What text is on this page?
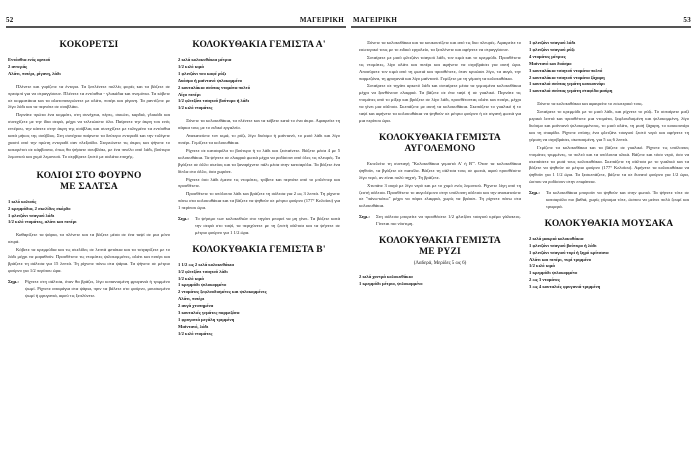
52	ΜΑΓΕΙΡΙΚΗ
ΚΟΚΟΡΕΤΣΙ
Εντόσθια ενός αρνιού
2 αντεράς
Αλάτι, πιπέρι, ρίγανη, λάδι

Πλένετε και γυρίζετε τα έντερα. Τα ξεπλένετε πολλές φορές και τα βάζετε σε πρεσμπί για να στραγγίσουν. Πλένετε τα εντόσθια - γλυκάδια και πνεμόνια. Τα κόβετε σε κομματάκια και τα αλατοπιπερώνετε με αλάτι, πιπέρι και ρίγανη. Τα ραντίζετε με λίγο λάδι και τα περνάτε σε σουβλάκι.

Περνάτε πρώτα ένα κομμάτι, στη συνέχεια, πέρτς, συκώτι, καρδιά, γλυκάδι και συνεχίζετε με την ίδια σειρά, μέχρι να τελειώσετε όλα. Παίρνετε την άκρη του ενός εντέρου, την κάνετε στην άκρη της σούβλας και συνεχίζετε με τυλιγμένο τα εντόσθια κατά μήκος της σούβλας. Στη συνέχεια παίρνετε τα δεύτερο εντεραδί και την τυλίγετε χιαστί από την πρώτη εντεραδί σαν πλεξούδα. Στερεώνετε τις άκρες και ψήνετε το κοκορέτσι σε κάρβουνα, όπως θα ψήσατε σουβλάκι, με ένα πινέλο από λάδι, βούτυρο λεμονιού και χυμό λεμονιού. Το σερβίρετε ζεστό με σαλάτα εποχής.

ΚΟΛΙΟΙ ΣΤΟ ΦΟΥΡΝΟ
ΜΕ ΣΑΛΤΣΑ
1 κιλό κολιούς
2 κρεμμύδια, 2 σκελίδες σκόρδο
1 φλιτζάνι τσαγιού λάδι
1/2 κιλό ντομάτες, αλάτι και πιπέρι

Καθαρίζετε τα ψάρια, τα πλένετε και τα βάζετε μέσα σε ένα ταψί σε μια μόνο σειρά.

Κόβετε τα κρεμμύδια και τις σκελίδες σε λεπτά φετάκια και τα τσιγαρίζετε με το λάδι μέχρι να μαραθούν. Προσθέτετε τις ντομάτες ψιλοκομμένες, αλάτι και πιπέρι και βράζετε τη σάλτσα για 15 λεπτά. Τη ρίχνετε πάνω στα ψάρια. Τα ψήνετε σε μέτριο φούρνο για 1/2 περίπου ώρα.

Σημ.:	Ρίχνετε στη σάλτσα, όταν θα βράζει, λίγο κοπανισμένη φρυγανιά ή τριμμένο ψωμί. Ρίχνετε αποφάγια στα ψάρια, πριν τα βάλετε στο φούρνο, μουσκεμένο ψωμί ή φρυγανιά, αφού τις ξεπλύνετε.
ΚΟΛΟΚΥΘΑΚΙΑ ΓΕΜΙΣΤΑ Α'
2 κιλά κολοκυθάκια μέτρια
1/2 κιλό κιμά
1 φλιτζάνι του καφέ ρύζι
Δυόσμο ή μαϊντανό ψιλοκομμένο
2 κουταλάκια σούπας ντομάτα πολτό
Λίγο πιπέρι
1/2 φλιτζάνι τσαγιού βούτυρο ή λάδι
1/2 κιλό ντομάτες

Ξύνετε τα κολοκυθάκια, τα πλένετε και τα κόβετε κατά το ένα άκρο. Αφαιρείτε τη σάρκα τους με το ειδικό εργαλείο.

Ανακατεύετε τον κιμά, το ρύζι, λίγο δυόσμο ή μαϊντανό, το μισό λάδι και λίγο πιπέρι. Γεμίζετε τα κολοκυθάκια.

Ρίχνετε σε κατσαρόλα το βούτυρο ή το λάδι και ζεσταίνετε. Βάζετε μέσα 4 με 5 κολοκυθάκια. Τα ψήνετε σε ελαφριά φωτιά μέχρι να ροδίσουν από όλες τις πλευρές. Τα βγάζετε σε άλλο σκεύος και τα ξαναρίχνετε πάλι μέσα στην κατσαρόλα. Τα βάζετε ένα δίπλα στο άλλο, όσα χωράνε.

Ρίχνετε όσο λάδι έμεινε τις ντομάτες, τρίβετε και περνάτε από το μπλέντερ και προσθέτετε.

Προσθέτετε το υπόλοιπο λάδι και βράζετε τη σάλτσα για 2 ως 3 λεπτά. Τη ρίχνετε πάνω στα κολοκυθάκια και τα βάζετε να ψηθούν σε μέτριο φούρνο (177° Κελσίου) για 1 περίπου ώρα.

Σημ.:	Το ψήσιμο των κολοκυθιών στο τηγάνι μπορεί να μη γίνει. Τα βάζετε κατά την σειρά στο ταψί, τα περιχύνετε με τη ζεστή σάλτσα και τα ψήνετε σε μέτριο φούρνο για 1 1/2 ώρα.
ΚΟΛΟΚΥΘΑΚΙΑ ΓΕΜΙΣΤΑ Β'
1 1/2 ως 2 κιλά κολοκυθάκια
1/2 φλιτζάνι τσαγιού λάδι
1/2 κιλό κιμά
1 κρεμμύδι ψιλοκομμένο
2 ντομάτες ξεφλουδισμένες και ψιλοκομμένες
Αλάτι, πιπέρι
2 αυγά χτυπημένα
3 κουταλιές γεμάτες παρμεζάνα
1 φρυγανιά μεγάλη τριμμένη
Μαϊντανό, λάδι
1/2 κιλό ντομάτες
ΜΑΓΕΙΡΙΚΗ	53

Ξύνετε τα κολοκυθάκια και τα κουκουτίζετε και από τις δυο πλευρές. Αφαιρείτε το εσωτερικό τους με το ειδικό εργαλείο, τα ξεπλένετε και αφήνετε να στραγγίσουν.

Σοταίρετε με μισό φλιτζάνι τσαγιού λάδι, τον κιμά και το κρεμμύδι. Προσθέτετε τις ντομάτες, λίγο αλάτι και πιπέρι και αφήνετε να σιγοβράσει για αυτή ώρα. Αποσύρετε τον κιμά από τη φωτιά και προσθέτετε, όταν κρυώσει λίγο, τα αυγά, την παρμεζάνα, τη φρυγανιά και λίγο μαϊντανό. Γεμίζετε με τη γέμιση τα κολοκυθάκια.

Σοταίρετε σε τηγάνι αρκετό λάδι και σοταίρετε μέσα τα γεμισμένα κολοκυθάκια μέχρι να ξανθύνουν ελαφριά. Τα βάζετε σε ένα ταψί ή σε γυαλικό. Περνάτε τις ντομάτες από το μίξερ και βράζετε σε λίγο λάδι, προσθέτοντας αλάτι και πιπέρι, μέχρι να γίνει μια σάλτσα. Σκεπάζετε με αυτή τα κολοκυθάκια. Σκεπάζετε το γυαλικό ή το ταψί και αφήνετε τα κολοκυθάκια να ψηθούν σε μέτριο φούρνο ή σε σιγανή φωτιά για μια περίπου ώρα.

ΚΟΛΟΚΥΘΑΚΙΑ ΓΕΜΙΣΤΑ
ΑΥΓΟΛΕΜΟΝΟ

Εκτελείτε τη συνταγή "Κολοκυθάκια γεμιστά Α' ή Β'". Όταν τα κολοκυθάκια ψηθούν, τα βγάζετε σε πιατέλα. Βάζετε τη σάλτσα τους σε φωτιά, αφού προσθέσετε λίγο νερό, αν είναι πολύ πηχτή. Τη βράζετε.

Χτυπάτε 3 αυγά με λίγο νερό και με το χυμό ενός λεμονιού. Ρίχνετε λίγη από τη ζεστή σάλτσα. Προσθέτετε το αυγολέμονο στην υπόλοιπη σάλτσα και την ανακατεύετε σε "πάνω-κάτω" μέχρι να πάρει ελαφριά, χωρίς να βράσει. Τη ρίχνετε πάνω στα κολοκυθάκια.

Σημ.:	Στη σάλτσα μπορείτε να προσθέσετε 1/2 φλιτζάνι τσαγιού κρέμα γάλακτος. Γίνεται πιο νόστιμη.
ΚΟΛΟΚΥΘΑΚΙΑ ΓΕΜΙΣΤΑ
ΜΕ ΡΥΖΙ
(Λαδερά, Μερίδες 5 ως 6)
2 κιλά χοντρά κολοκυθάκια
1 κρεμμύδι μέτριο, ψιλοκομμένο
1 φλιτζάνι τσαγιού λάδι
1 φλιτζάνι τσαγιού ρύζι
4 ντομάτες μέτριες
Μαϊντανό και δυόσμο
3 κουταλάκια τσαγιού ντομάτα πολτό
2 κουταλάκια τσαγιού ντομάτα ζάχαρη
1 κουταλιά σούπας γεμάτη κουκουνάρι
1 κουταλιά σούπας γεμάτη σταφίδα μαύρη

Ξύνετε τα κολοκυθάκια και αφαιρείτε το εσωτερικό τους.

Σοταίρετε το κρεμμύδι με το μισό λάδι, και ρίχνετε το ρύζι. Το σοταίρετε μαζί μερικά λεπτά και προσθέτετε μια ντομάτα, ξεφλουδισμένη και ψιλοκομμένη, λίγο δυόσμο και μαϊντανό ψιλοκομμένους, το μισό αλάτι, τη μισή ζάχαρη, το κουκουνάρι και τη σταφίδα. Ρίχνετε επίσης ένα φλιτζάνι τσαγιού ζεστό νερό και αφήνετε τη γέμιση να σιγοβράσει, σκεπασμένη, για 5 ως 6 λεπτά.

Γεμίζετε τα κολοκυθάκια και τα βάζετε σε γυαλικό. Ρίχνετε τις υπόλοιπες ντομάτες τριμμένες, το πολτό και τα υπόλοιπα υλικά. Βάζετε και τόσο νερό, όσο να σκεπάσετε τα μισά τους κολοκυθάκια. Σκεπάζετε τη σάλτσα με το γυαλικό και τα βάζετε να ψηθούν σε μέτριο φούρνο (177° Κελσίου). Αφήνετε τα κολοκυθάκια να ψηθούν για 1 1/2 ώρα. Τα ξεσκεπάζετε, βάζετε τα σε δυνατό φούρνο για 1/2 ώρα, ώσπου να ροδίσουν στην επιφάνεια.

Σημ.:	Τα κολοκυθάκια μπορούν να ψηθούν και στην φωτιά. Τα ψήνετε τότε σε κατσαρόλα πιο βαθιά, χωρίς γύρισμα τότε, ώσπου να μείνει πολύ ζουμί και τρυφερά.
ΚΟΛΟΚΥΘΑΚΙΑ ΜΟΥΣΑΚΑ
2 κιλά μακριά κολοκυθάκια
1 φλιτζάνι τσαγιού βούτυρο ή λάδι
1 φλιτζάνι τσαγιού τυρί ή ξηρό κρίτσανα
Αλάτι και πιπέρι, τυρί τριμμένο
1/2 κιλό κιμά
1 κρεμμύδι ψιλοκομμένο
2 ως 3 ντομάτες
3 ως 4 κουταλιές φρυγανιά τριμμένη
